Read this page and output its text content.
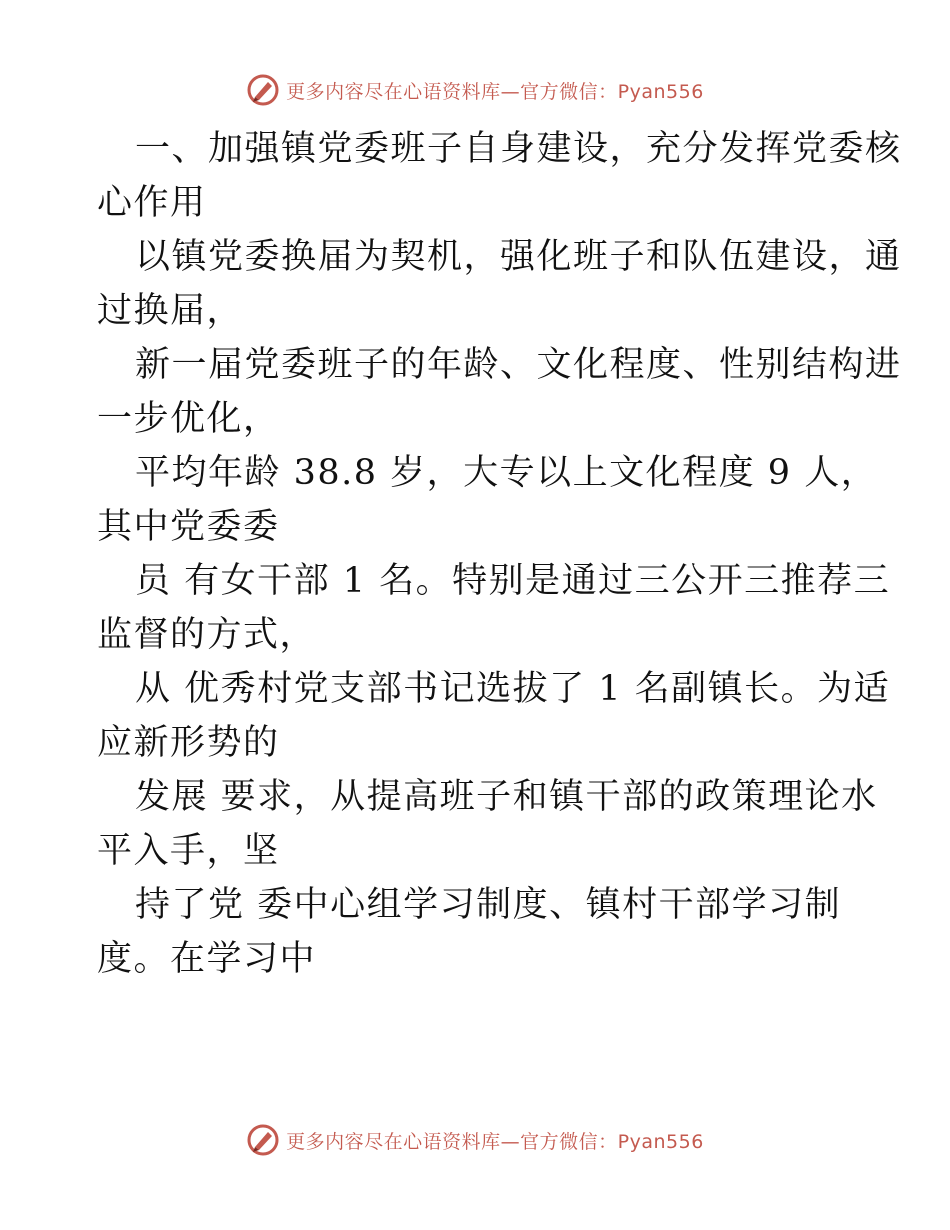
更多内容尽在心语资料库—官方微信：Pyan556
一、加强镇党委班子自身建设，充分发挥党委核
心作用
以镇党委换届为契机，强化班子和队伍建设，通
过换届，
新一届党委班子的年龄、文化程度、性别结构进
一步优化，
平均年龄 38.8 岁，大专以上文化程度 9 人，
其中党委委
员 有女干部 1 名。特别是通过三公开三推荐三
监督的方式，
从 优秀村党支部书记选拔了 1 名副镇长。为适
应新形势的
发展 要求，从提高班子和镇干部的政策理论水
平入手，坚
持了党 委中心组学习制度、镇村干部学习制
度。在学习中
更多内容尽在心语资料库—官方微信：Pyan556
